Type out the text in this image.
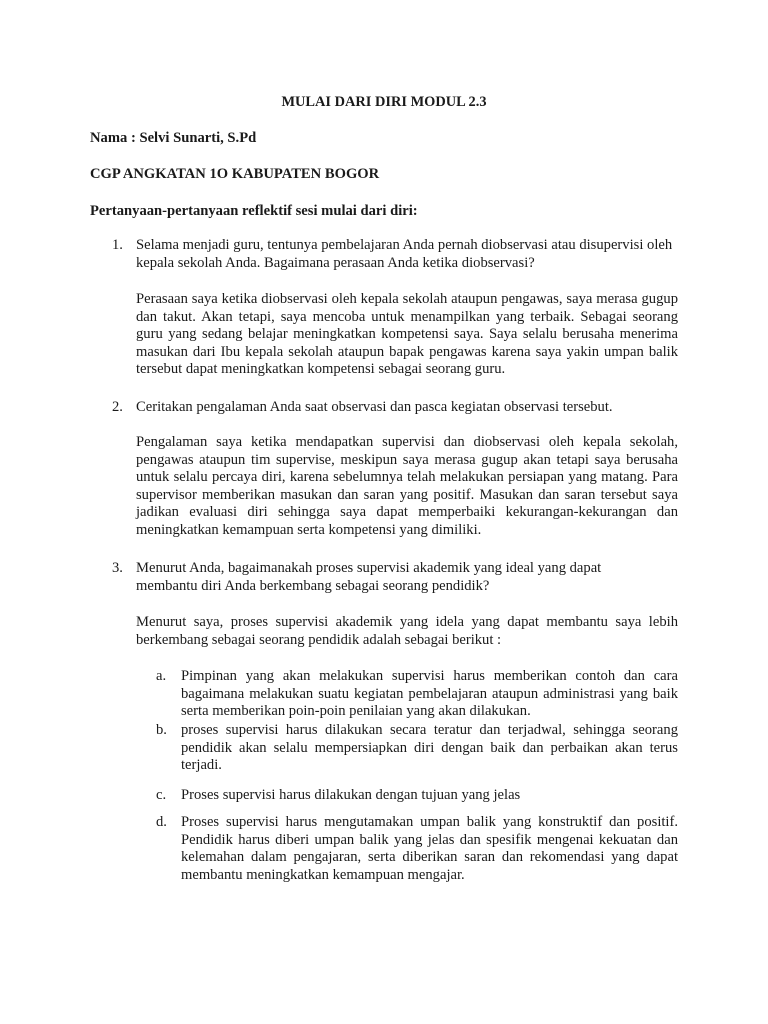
MULAI DARI DIRI MODUL 2.3
Nama : Selvi Sunarti, S.Pd
CGP ANGKATAN 1O KABUPATEN BOGOR
Pertanyaan-pertanyaan reflektif sesi mulai dari diri:
1. Selama menjadi guru, tentunya pembelajaran Anda pernah diobservasi atau disupervisi oleh kepala sekolah Anda. Bagaimana perasaan Anda ketika diobservasi?
Perasaan saya ketika diobservasi oleh kepala sekolah ataupun pengawas, saya merasa gugup dan takut. Akan tetapi, saya mencoba untuk menampilkan yang terbaik. Sebagai seorang guru yang sedang belajar meningkatkan kompetensi saya. Saya selalu berusaha menerima masukan dari Ibu kepala sekolah ataupun bapak pengawas karena saya yakin umpan balik tersebut dapat meningkatkan kompetensi sebagai seorang guru.
2. Ceritakan pengalaman Anda saat observasi dan pasca kegiatan observasi tersebut.
Pengalaman saya ketika mendapatkan supervisi dan diobservasi oleh kepala sekolah, pengawas ataupun tim supervise, meskipun saya merasa gugup akan tetapi saya berusaha untuk selalu percaya diri, karena sebelumnya telah melakukan persiapan yang matang. Para supervisor memberikan masukan dan saran yang positif. Masukan dan saran tersebut saya jadikan evaluasi diri sehingga saya dapat memperbaiki kekurangan-kekurangan dan meningkatkan kemampuan serta kompetensi yang dimiliki.
3. Menurut Anda, bagaimanakah proses supervisi akademik yang ideal yang dapat membantu diri Anda berkembang sebagai seorang pendidik?
Menurut saya, proses supervisi akademik yang idela yang dapat membantu saya lebih berkembang sebagai seorang pendidik adalah sebagai berikut :
a. Pimpinan yang akan melakukan supervisi harus memberikan contoh dan cara bagaimana melakukan suatu kegiatan pembelajaran ataupun administrasi yang baik serta memberikan poin-poin penilaian yang akan dilakukan.
b. proses supervisi harus dilakukan secara teratur dan terjadwal, sehingga seorang pendidik akan selalu mempersiapkan diri dengan baik dan perbaikan akan terus terjadi.
c. Proses supervisi harus dilakukan dengan tujuan yang jelas
d. Proses supervisi harus mengutamakan umpan balik yang konstruktif dan positif. Pendidik harus diberi umpan balik yang jelas dan spesifik mengenai kekuatan dan kelemahan dalam pengajaran, serta diberikan saran dan rekomendasi yang dapat membantu meningkatkan kemampuan mengajar.
